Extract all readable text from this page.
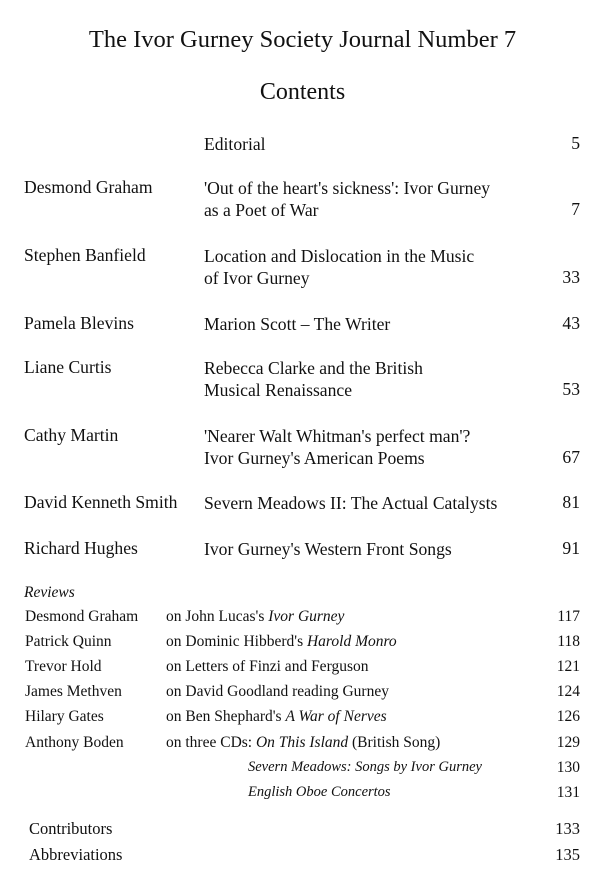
The Ivor Gurney Society Journal Number 7
Contents
Editorial	5
Desmond Graham	'Out of the heart's sickness': Ivor Gurney
as a Poet of War	7
Stephen Banfield	Location and Dislocation in the Music
of Ivor Gurney	33
Pamela Blevins	Marion Scott – The Writer	43
Liane Curtis	Rebecca Clarke and the British
Musical Renaissance	53
Cathy Martin	'Nearer Walt Whitman's perfect man'?
Ivor Gurney's American Poems	67
David Kenneth Smith Severn Meadows II: The Actual Catalysts	81
Richard Hughes	Ivor Gurney's Western Front Songs	91
Reviews
Desmond Graham on John Lucas's Ivor Gurney	117
Patrick Quinn	on Dominic Hibberd's Harold Monro	118
Trevor Hold	on Letters of Finzi and Ferguson	121
James Methven	on David Goodland reading Gurney	124
Hilary Gates	on Ben Shephard's A War of Nerves	126
Anthony Boden	on three CDs: On This Island (British Song)	129
Severn Meadows: Songs by Ivor Gurney	130
English Oboe Concertos	131
Contributors	133
Abbreviations	135
